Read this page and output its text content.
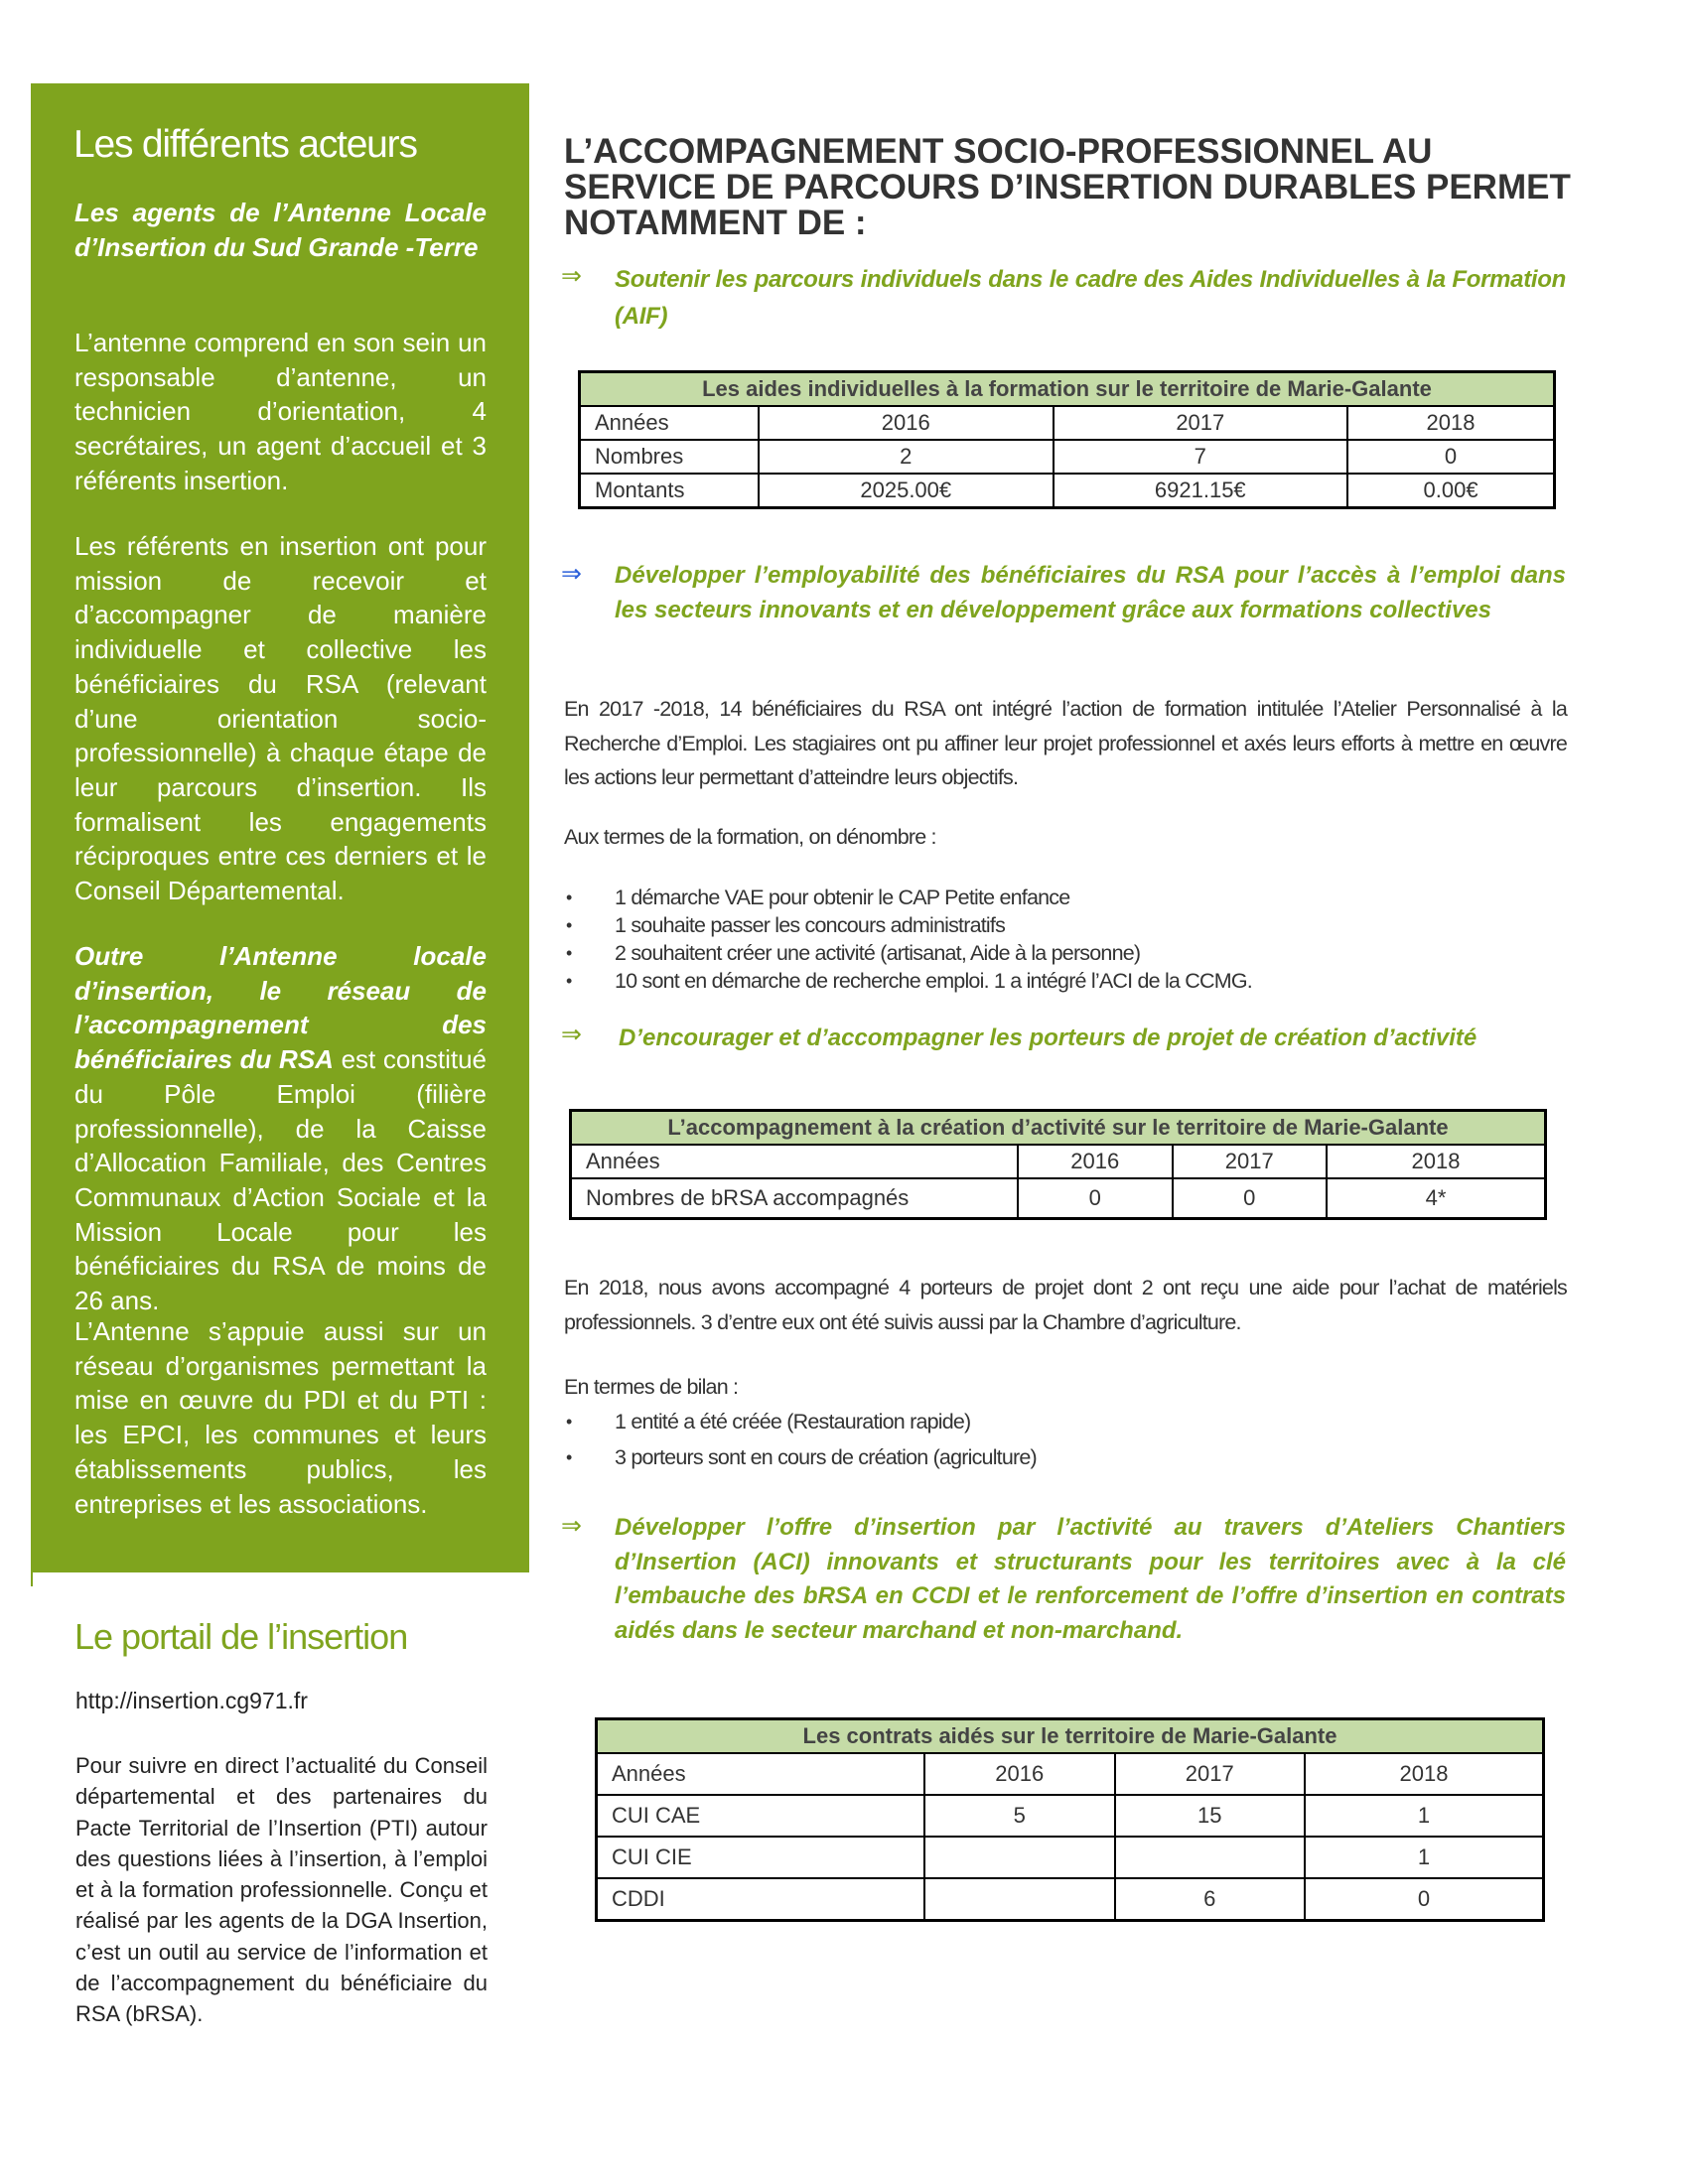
Les différents acteurs

Les agents de l’Antenne Locale d’Insertion du Sud Grande -Terre

L’antenne comprend en son sein un responsable d’antenne, un technicien d’orientation, 4 secrétaires, un agent d’accueil et 3 référents insertion.

Les référents en insertion ont pour mission de recevoir et d’accompagner de manière individuelle et collective les bénéficiaires du RSA (relevant d’une orientation socio-professionnelle) à chaque étape de leur parcours d’insertion. Ils formalisent les engagements réciproques entre ces derniers et le Conseil Départemental.

Outre l’Antenne locale d’insertion, le réseau de l’accompagnement des bénéficiaires du RSA est constitué du Pôle Emploi (filière professionnelle), de la Caisse d’Allocation Familiale, des Centres Communaux d’Action Sociale et la Mission Locale pour les bénéficiaires du RSA de moins de 26 ans.

L’Antenne s’appuie aussi sur un réseau d’organismes permettant la mise en œuvre du PDI et du PTI : les EPCI, les communes et leurs établissements publics, les entreprises et les associations.

Le portail de l’insertion
http://insertion.cg971.fr

Pour suivre en direct l’actualité du Conseil départemental et des partenaires du Pacte Territorial de l’Insertion (PTI) autour des questions liées à l’insertion, à l’emploi et à la formation professionnelle. Conçu et réalisé par les agents de la DGA Insertion, c’est un outil au service de l’information et de l’accompagnement du bénéficiaire du RSA (bRSA).

L’ACCOMPAGNEMENT SOCIO-PROFESSIONNEL AU SERVICE DE PARCOURS D’INSERTION DURABLES PERMET NOTAMMENT DE :
⇒ Soutenir les parcours individuels dans le cadre des Aides Individuelles à la Formation (AIF)

Les aides individuelles à la formation sur le territoire de Marie-Galante			
Années	2016	2017	2018
Nombres	2	7	0
Montants	2025.00€	6921.15€	0.00€
⇒ Développer l’employabilité des bénéficiaires du RSA pour l’accès à l’emploi dans les secteurs innovants et en développement grâce aux formations collectives

En 2017 -2018, 14 bénéficiaires du RSA ont intégré l’action de formation intitulée l’Atelier Personnalisé à la Recherche d’Emploi. Les stagiaires ont pu affiner leur projet professionnel et axés leurs efforts à mettre en œuvre les actions leur permettant d’atteindre leurs objectifs.

Aux termes de la formation, on dénombre :

• 1 démarche VAE pour obtenir le CAP Petite enfance
• 1 souhaite passer les concours administratifs
• 2 souhaitent créer une activité (artisanat, Aide à la personne)
• 10 sont en démarche de recherche emploi. 1 a intégré l’ACI de la CCMG.
⇒ D’encourager et d’accompagner les porteurs de projet de création d’activité

L’accompagnement à la création d’activité sur le territoire de Marie-Galante			
Années	2016	2017	2018
Nombres de bRSA accompagnés	0	0	4*

En 2018, nous avons accompagné 4 porteurs de projet dont 2 ont reçu une aide pour l’achat de matériels professionnels. 3 d’entre eux ont été suivis aussi par la Chambre d’agriculture.

En termes de bilan :

• 1 entité a été créée (Restauration rapide)
• 3 porteurs sont en cours de création (agriculture)
⇒ Développer l’offre d’insertion par l’activité au travers d’Ateliers Chantiers d’Insertion (ACI) innovants et structurants pour les territoires avec à la clé l’embauche des bRSA en CCDI et le renforcement de l’offre d’insertion en contrats aidés dans le secteur marchand et non-marchand.

Les contrats aidés sur le territoire de Marie-Galante			
Années	2016	2017	2018
CUI CAE	5	15	1
CUI CIE			1
CDDI		6	0
